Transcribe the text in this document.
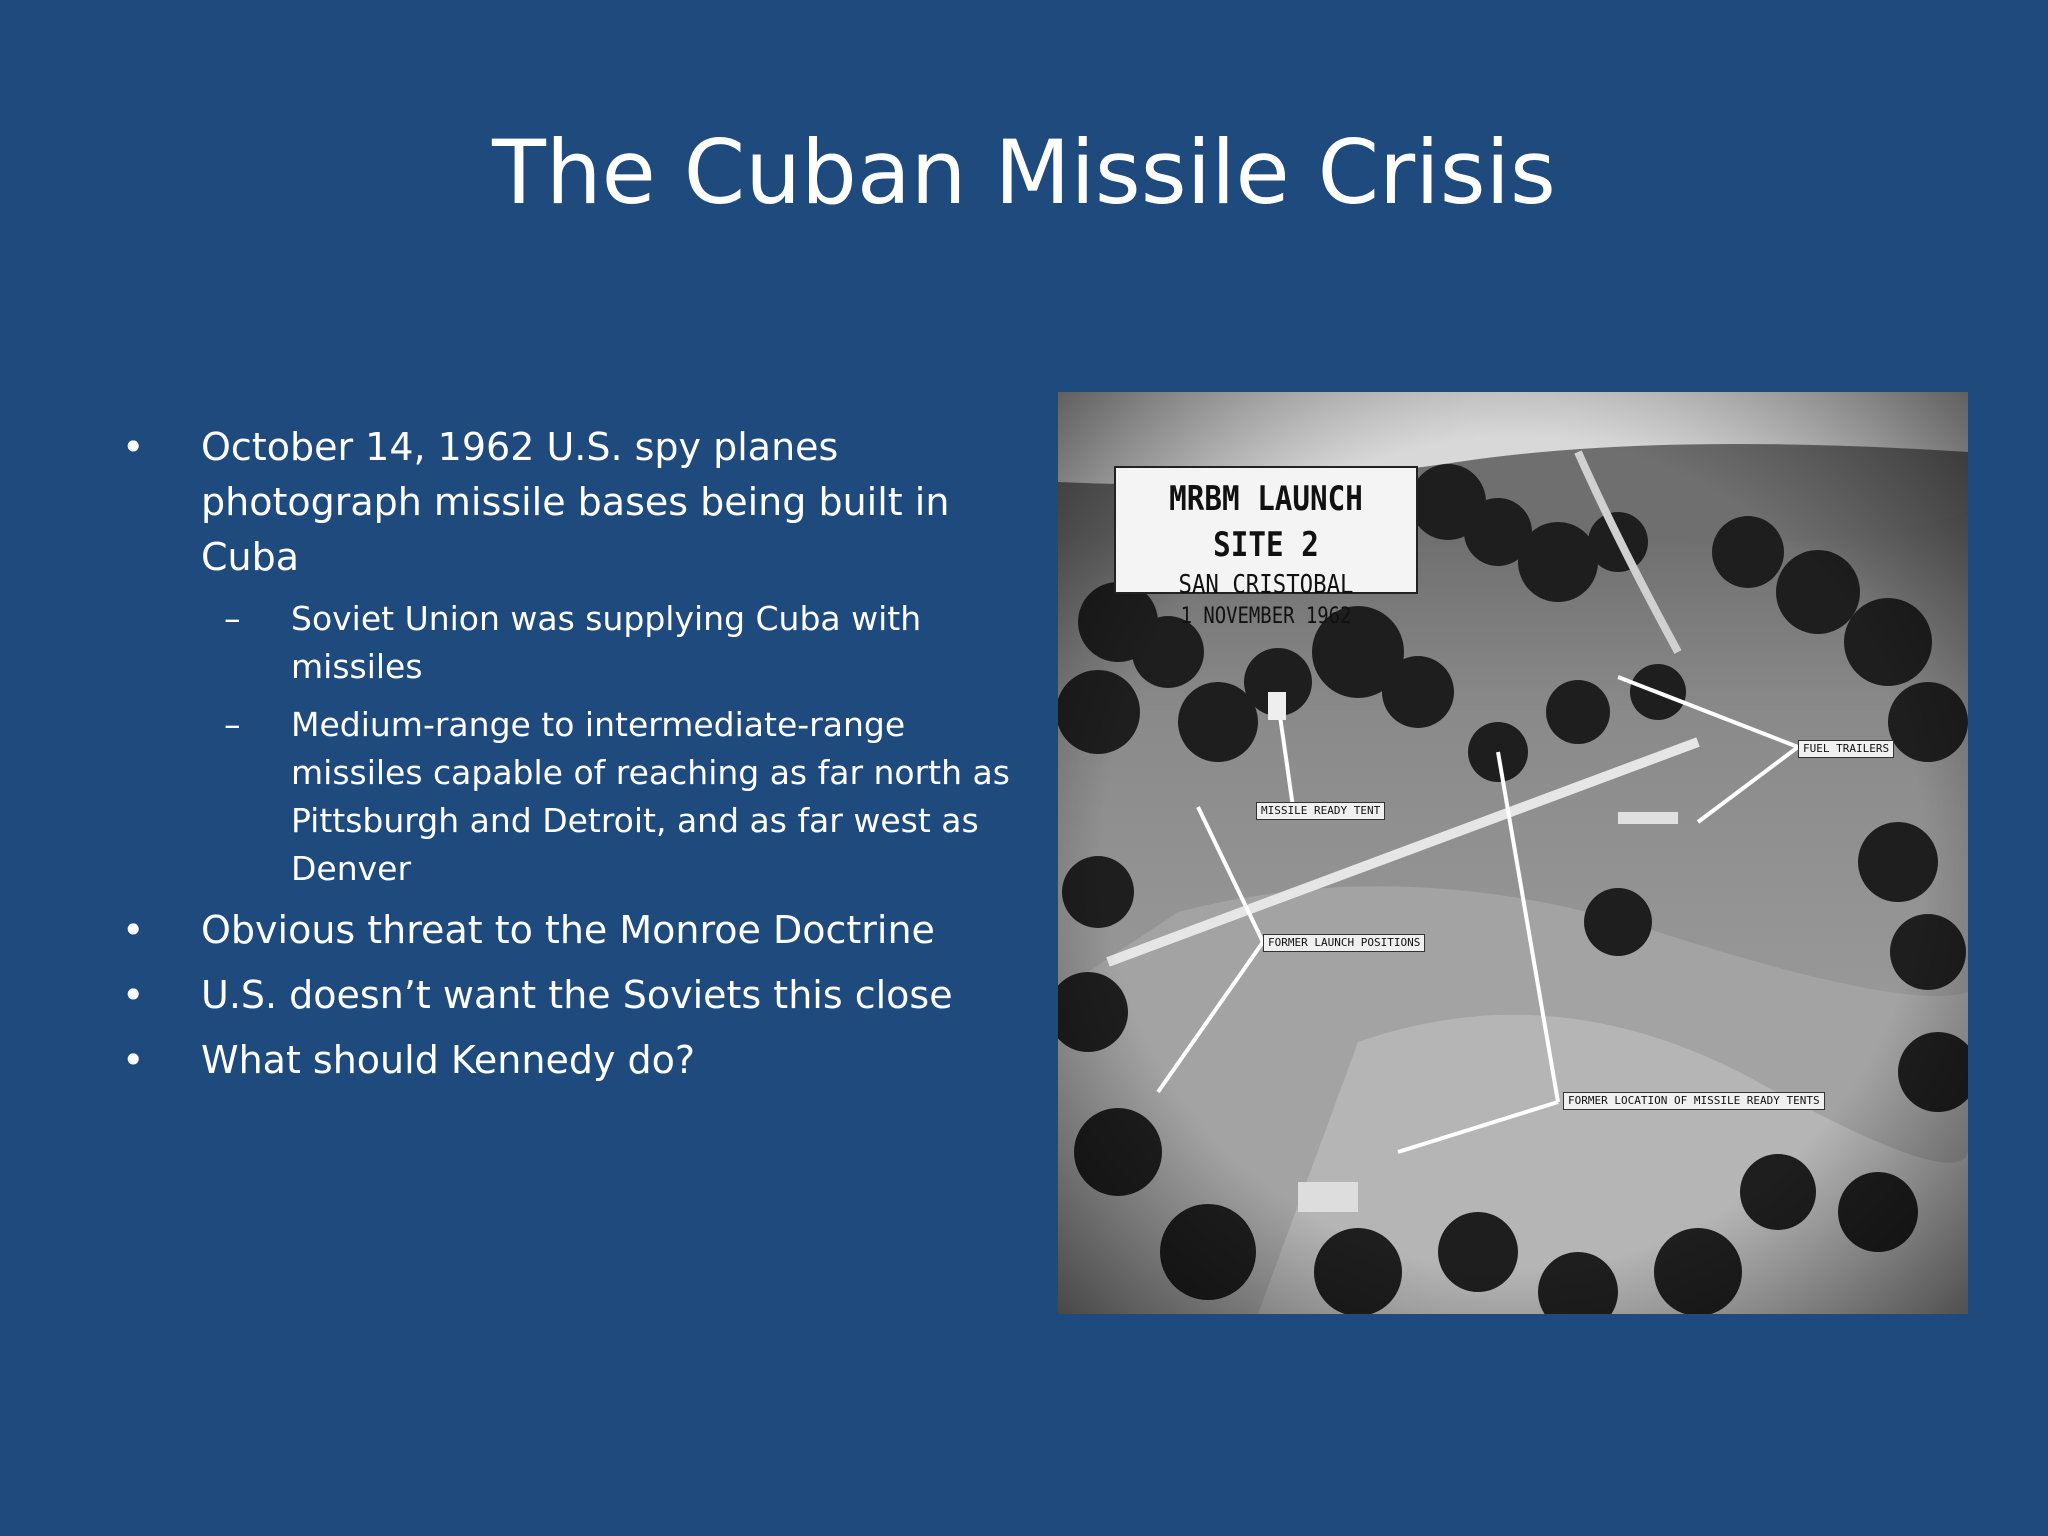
The Cuban Missile Crisis
• October 14, 1962 U.S. spy planes photograph missile bases being built in Cuba
– Soviet Union was supplying Cuba with missiles
– Medium-range to intermediate-range missiles capable of reaching as far north as Pittsburgh and Detroit, and as far west as Denver
• Obvious threat to the Monroe Doctrine
• U.S. doesn’t want the Soviets this close
• What should Kennedy do?
MRBM LAUNCH SITE 2
SAN CRISTOBAL
1 NOVEMBER 1962
MISSILE READY TENT
FUEL TRAILERS
FORMER LAUNCH POSITIONS
FORMER LOCATION OF MISSILE READY TENTS
